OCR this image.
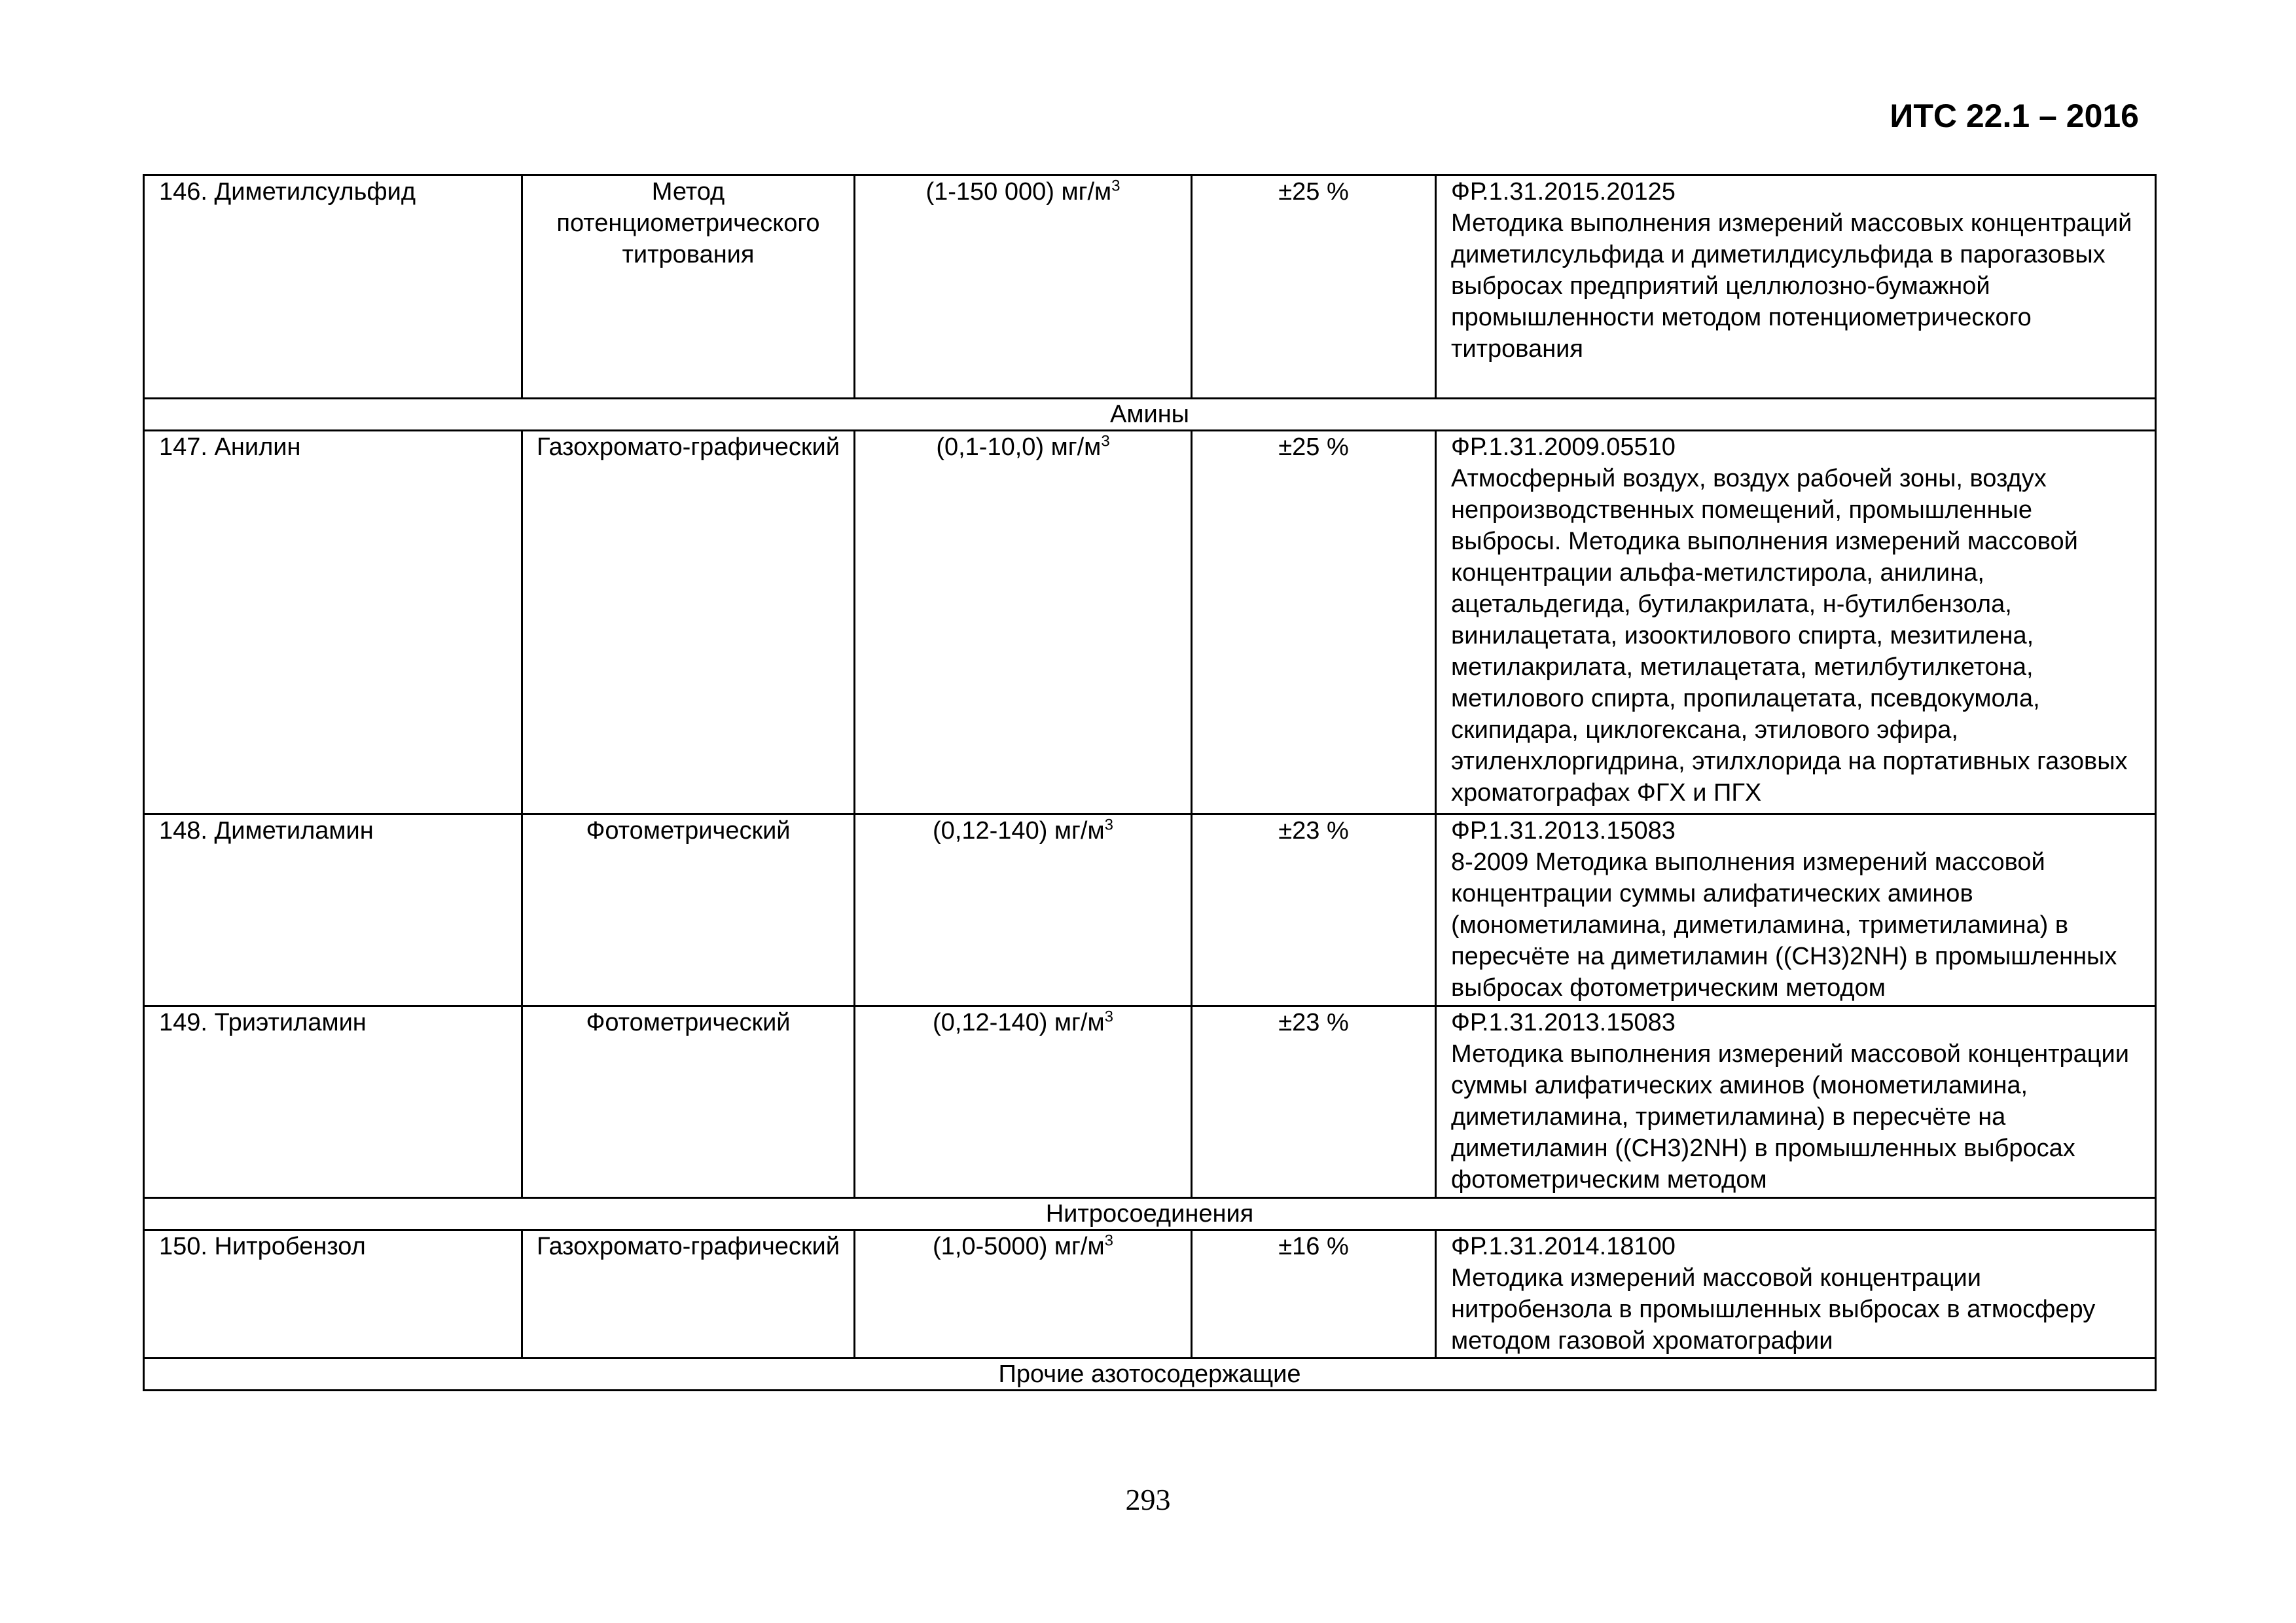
ИТС 22.1 – 2016
146. Диметилсульфид	Метод потенциометрического титрования	(1-150 000) $мг/м^3$	±25 %	ФР.1.31.2015.20125
Методика выполнения измерений массовых концентраций диметилсульфида и диметилдисульфида в парогазовых выбросах предприятий целлюлозно-бумажной промышленности методом потенциометрического титрования

Амины				
147. Анилин	Газохромато-графический	(0,1-10,0) $мг/м^3$	±25 %	ФР.1.31.2009.05510
Атмосферный воздух, воздух рабочей зоны, воздух непроизводственных помещений, промышленные выбросы. Методика выполнения измерений массовой концентрации альфа-метилстирола, анилина, ацетальдегида, бутилакрилата, н-бутилбензола, винилацетата, изооктилового спирта, мезитилена, метилакрилата, метилацетата, метилбутилкетона, метилового спирта, пропилацетата, псевдокумола, скипидара, циклогексана, этилового эфира, этиленхлоргидрина, этилхлорида на портативных газовых хроматографах ФГХ и ПГХ

148. Диметиламин	Фотометрический	(0,12-140) $мг/м^3$	±23 %	ФР.1.31.2013.15083
8-2009 Методика выполнения измерений массовой концентрации суммы алифатических аминов (монометиламина, диметиламина, триметиламина) в пересчёте на диметиламин ((CH3)2NH) в промышленных выбросах фотометрическим методом

149. Триэтиламин	Фотометрический	(0,12-140) $мг/м^3$	±23 %	ФР.1.31.2013.15083
Методика выполнения измерений массовой концентрации суммы алифатических аминов (монометиламина, диметиламина, триметиламина) в пересчёте на диметиламин ((CH3)2NH) в промышленных выбросах фотометрическим методом

Нитросоединения				
150. Нитробензол	Газохромато-графический	(1,0-5000) $мг/м^3$	±16 %	ФР.1.31.2014.18100
Методика измерений массовой концентрации нитробензола в промышленных выбросах в атмосферу методом газовой хроматографии

Прочие азотосодержащие				
293
